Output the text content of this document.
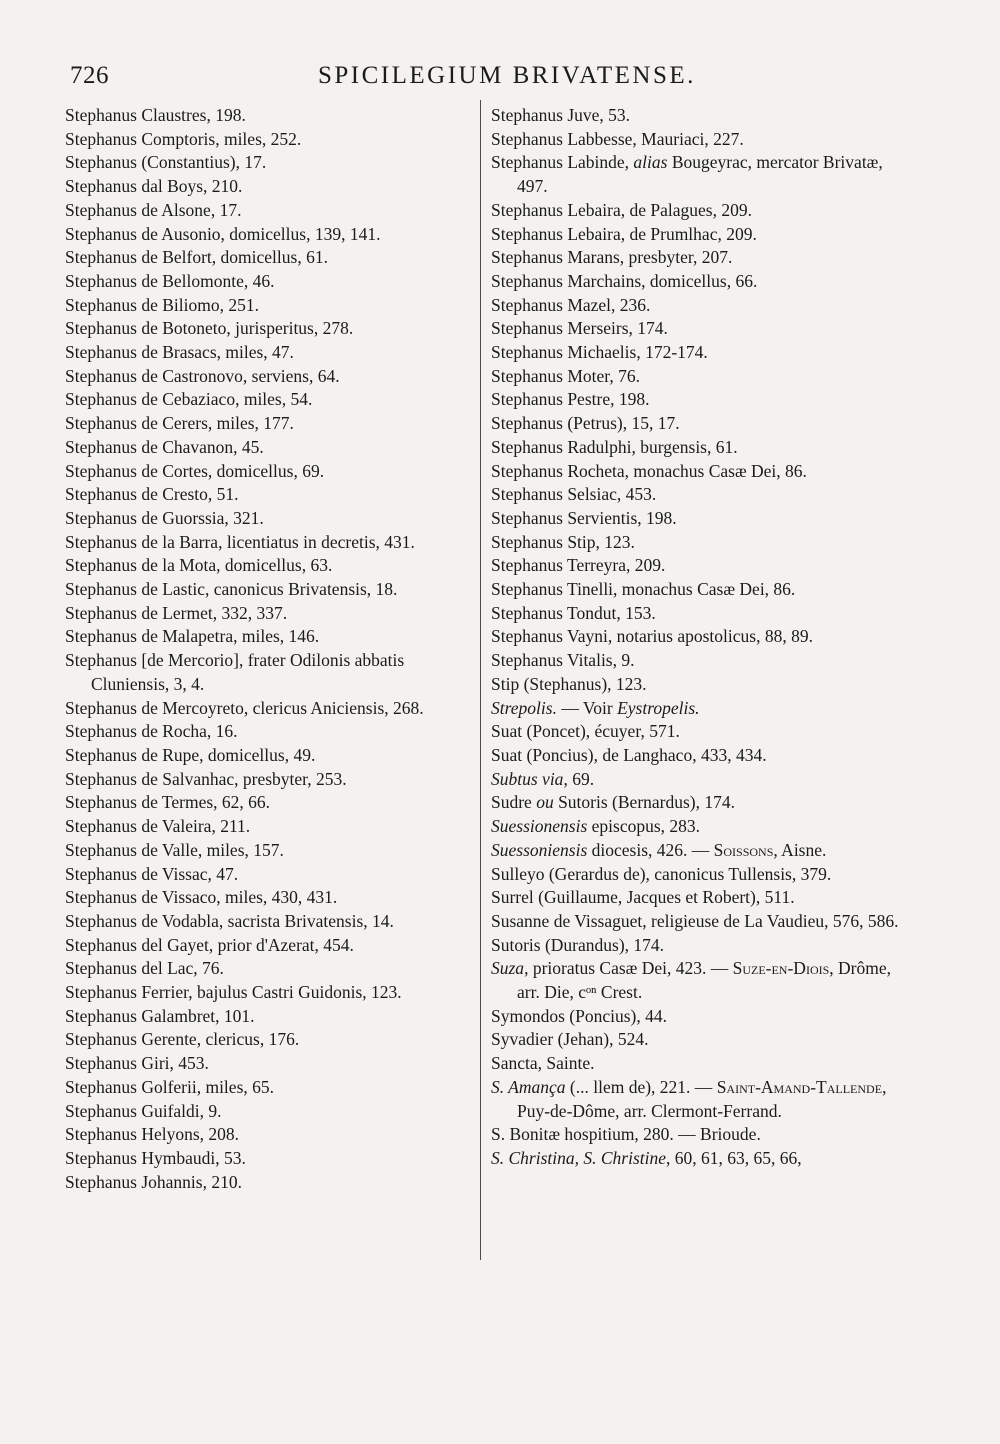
726	SPICILEGIUM BRIVATENSE.
Stephanus Claustres, 198.
Stephanus Comptoris, miles, 252.
Stephanus (Constantius), 17.
Stephanus dal Boys, 210.
Stephanus de Alsone, 17.
Stephanus de Ausonio, domicellus, 139, 141.
Stephanus de Belfort, domicellus, 61.
Stephanus de Bellomonte, 46.
Stephanus de Biliomo, 251.
Stephanus de Botoneto, jurisperitus, 278.
Stephanus de Brasacs, miles, 47.
Stephanus de Castronovo, serviens, 64.
Stephanus de Cebaziaco, miles, 54.
Stephanus de Cerers, miles, 177.
Stephanus de Chavanon, 45.
Stephanus de Cortes, domicellus, 69.
Stephanus de Cresto, 51.
Stephanus de Guorssia, 321.
Stephanus de la Barra, licentiatus in decretis, 431.
Stephanus de la Mota, domicellus, 63.
Stephanus de Lastic, canonicus Brivatensis, 18.
Stephanus de Lermet, 332, 337.
Stephanus de Malapetra, miles, 146.
Stephanus [de Mercorio], frater Odilonis abbatis Cluniensis, 3, 4.
Stephanus de Mercoyreto, clericus Aniciensis, 268.
Stephanus de Rocha, 16.
Stephanus de Rupe, domicellus, 49.
Stephanus de Salvanhac, presbyter, 253.
Stephanus de Termes, 62, 66.
Stephanus de Valeira, 211.
Stephanus de Valle, miles, 157.
Stephanus de Vissac, 47.
Stephanus de Vissaco, miles, 430, 431.
Stephanus de Vodabla, sacrista Brivatensis, 14.
Stephanus del Gayet, prior d'Azerat, 454.
Stephanus del Lac, 76.
Stephanus Ferrier, bajulus Castri Guidonis, 123.
Stephanus Galambret, 101.
Stephanus Gerente, clericus, 176.
Stephanus Giri, 453.
Stephanus Golferii, miles, 65.
Stephanus Guifaldi, 9.
Stephanus Helyons, 208.
Stephanus Hymbaudi, 53.
Stephanus Johannis, 210.
Stephanus Juve, 53.
Stephanus Labbesse, Mauriaci, 227.
Stephanus Labinde, alias Bougeyrac, mercator Brivatæ, 497.
Stephanus Lebaira, de Palagues, 209.
Stephanus Lebaira, de Prumlhac, 209.
Stephanus Marans, presbyter, 207.
Stephanus Marchains, domicellus, 66.
Stephanus Mazel, 236.
Stephanus Merseirs, 174.
Stephanus Michaelis, 172-174.
Stephanus Moter, 76.
Stephanus Pestre, 198.
Stephanus (Petrus), 15, 17.
Stephanus Radulphi, burgensis, 61.
Stephanus Rocheta, monachus Casæ Dei, 86.
Stephanus Selsiac, 453.
Stephanus Servientis, 198.
Stephanus Stip, 123.
Stephanus Terreyra, 209.
Stephanus Tinelli, monachus Casæ Dei, 86.
Stephanus Tondut, 153.
Stephanus Vayni, notarius apostolicus, 88, 89.
Stephanus Vitalis, 9.
Stip (Stephanus), 123.
Strepolis. — Voir Eystropelis.
Suat (Poncet), écuyer, 571.
Suat (Poncius), de Langhaco, 433, 434.
Subtus via, 69.
Sudre ou Sutoris (Bernardus), 174.
Suessionensis episcopus, 283.
Suessoniensis diocesis, 426. — Soissons, Aisne.
Sulleyo (Gerardus de), canonicus Tullensis, 379.
Surrel (Guillaume, Jacques et Robert), 511.
Susanne de Vissaguet, religieuse de La Vaudieu, 576, 586.
Sutoris (Durandus), 174.
Suza, prioratus Casæ Dei, 423. — Suze-en-Diois, Drôme, arr. Die, cᵒⁿ Crest.
Symondos (Poncius), 44.
Syvadier (Jehan), 524.
Sancta, Sainte.
S. Amança (... llem de), 221. — Saint-Amand-Tallende, Puy-de-Dôme, arr. Clermont-Ferrand.
S. Bonitæ hospitium, 280. — Brioude.
S. Christina, S. Christine, 60, 61, 63, 65, 66,
